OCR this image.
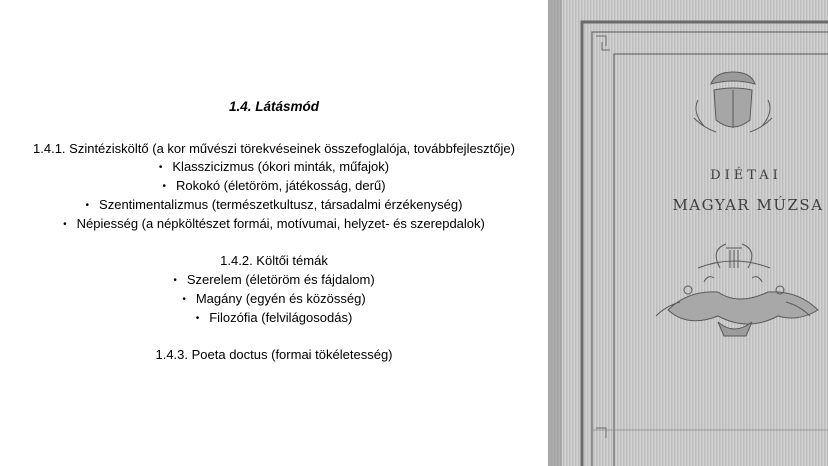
1.4. Látásmód
1.4.1. Szintézisköltő (a kor művészi törekvéseinek összefoglalója, továbbfejlesztője)
• Klasszicizmus (ókori minták, műfajok)
• Rokokó (életöröm, játékosság, derű)
• Szentimentalizmus (természetkultusz, társadalmi érzékenység)
• Népiesség (a népköltészet formái, motívumai, helyzet- és szerepdalok)
1.4.2. Költői témák
• Szerelem (életöröm és fájdalom)
• Magány (egyén és közösség)
• Filozófia (felvilágosodás)
1.4.3. Poeta doctus (formai tökéletesség)
DIÉTAI
MAGYAR MÚZSA
